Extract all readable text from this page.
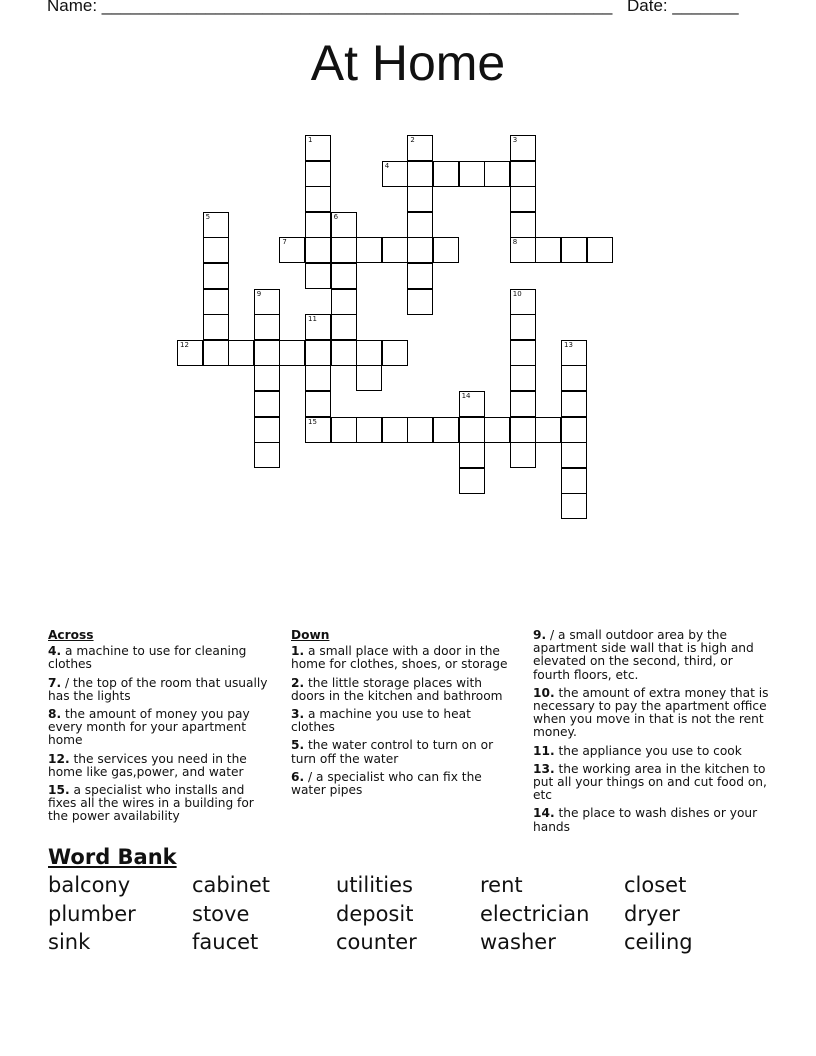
Name: ______________________________________________________ Date: _______
At Home
1	2	3
4
5	6
7	8
9	10
11
12	13
14
15
Across
4. a machine to use for cleaning clothes
7. / the top of the room that usually has the lights
8. the amount of money you pay every month for your apartment home
12. the services you need in the home like gas,power, and water
15. a specialist who installs and fixes all the wires in a building for the power availability
Down
1. a small place with a door in the home for clothes, shoes, or storage
2. the little storage places with doors in the kitchen and bathroom
3. a machine you use to heat clothes
5. the water control to turn on or turn off the water
6. / a specialist who can fix the water pipes
9. / a small outdoor area by the apartment side wall that is high and elevated on the second, third, or fourth floors, etc.
10. the amount of extra money that is necessary to pay the apartment office when you move in that is not the rent money.
11. the appliance you use to cook
13. the working area in the kitchen to put all your things on and cut food on, etc
14. the place to wash dishes or your hands
Word Bank
balcony	cabinet	utilities	rent	closet
plumber	stove	deposit	electrician dryer
sink	faucet	counter	washer	ceiling
